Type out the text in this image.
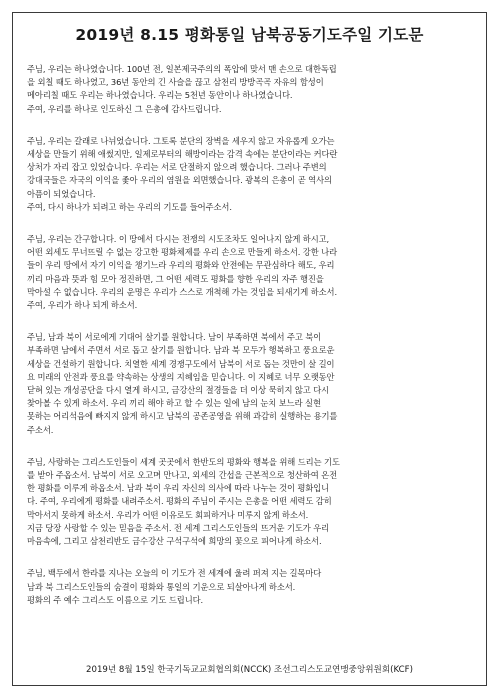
2019년 8.15 평화통일 남북공동기도주일 기도문
주님, 우리는 하나였습니다. 100년 전, 일본제국주의의 폭압에 맞서 맨 손으로 대한독립
을 외칠 때도 하나였고, 36년 동안의 긴 사슬을 끊고 삼천리 방방곡곡 자유의 함성이
메아리칠 때도 우리는 하나였습니다. 우리는 5천년 동안이나 하나였습니다.
주여, 우리를 하나로 인도하신 그 은총에 감사드립니다.
주님, 우리는 갈래로 나뉘었습니다. 그토록 분단의 장벽을 세우지 않고 자유롭게 오가는
세상을 만들기 위해 애썼지만, 일제로부터의 해방이라는 감격 속에는 분단이라는 커다란
상처가 자리 잡고 있었습니다. 우리는 서로 단절하지 않으려 했습니다. 그러나 주변의
강대국들은 자국의 이익을 좇아 우리의 염원을 외면했습니다. 광복의 은총이 곧 역사의
아픔이 되었습니다.
주여, 다시 하나가 되려고 하는 우리의 기도를 들어주소서.
주님, 우리는 간구합니다. 이 땅에서 다시는 전쟁의 시도조차도 일어나지 않게 하시고,
어떤 외세도 무너뜨릴 수 없는 강고한 평화체제를 우리 손으로 만들게 하소서. 강한 나라
들이 우리 땅에서 자기 이익을 챙기느라 우리의 평화와 안전에는 무관심하다 해도, 우리
끼리 마음과 뜻과 힘 모아 정진하면, 그 어떤 세력도 평화를 향한 우리의 자주 행진을
막아설 수 없습니다. 우리의 운명은 우리가 스스로 개척해 가는 것임을 되새기게 하소서.
주여, 우리가 하나 되게 하소서.
주님, 남과 북이 서로에게 기대어 살기를 원합니다. 남이 부족하면 북에서 주고 북이
부족하면 남에서 주면서 서로 돕고 살기를 원합니다. 남과 북 모두가 행복하고 풍요로운
세상을 건설하기 원합니다. 치열한 세계 경쟁구도에서 남북이 서로 돕는 것만이 살 길이
요 미래의 안전과 풍요를 약속하는 상생의 지혜임을 믿습니다. 이 지혜로 너무 오랫동안
닫혀 있는 개성공단을 다시 열게 하시고, 금강산의 절경들을 더 이상 묵히지 않고 다시
찾아볼 수 있게 하소서. 우리 끼리 해야 하고 할 수 있는 일에 남의 눈치 보느라 실현
못하는 어리석음에 빠지지 않게 하시고 남북의 공존공영을 위해 과감히 실행하는 용기를
주소서.
주님, 사랑하는 그리스도인들이 세계 곳곳에서 한반도의 평화와 행복을 위해 드리는 기도
를 받아 주옵소서. 남북이 서로 오고며 만나고, 외세의 간섭을 근본적으로 청산하여 온전
한 평화를 이루게 하옵소서. 남과 북이 우리 자신의 의사에 따라 나누는 것이 평화입니
다. 주여, 우리에게 평화를 내려주소서. 평화의 주님이 주시는 은총을 어떤 세력도 감히
막아서지 못하게 하소서. 우리가 어떤 이유로도 회피하거나 미루지 않게 하소서.
지금 당장 사랑할 수 있는 믿음을 주소서. 전 세계 그리스도인들의 뜨거운 기도가 우리
마음속에, 그리고 삼천리반도 금수강산 구석구석에 희망의 꽃으로 피어나게 하소서.
주님, 백두에서 한라를 지나는 오늘의 이 기도가 전 세계에 울려 퍼져 지는 길목마다
남과 북 그리스도인들의 숨결이 평화와 통일의 기운으로 되살아나게 하소서.
평화의 주 예수 그리스도 이름으로 기도 드립니다.
2019년 8월 15일 한국기독교교회협의회(NCCK) 조선그리스도교연맹중앙위원회(KCF)
